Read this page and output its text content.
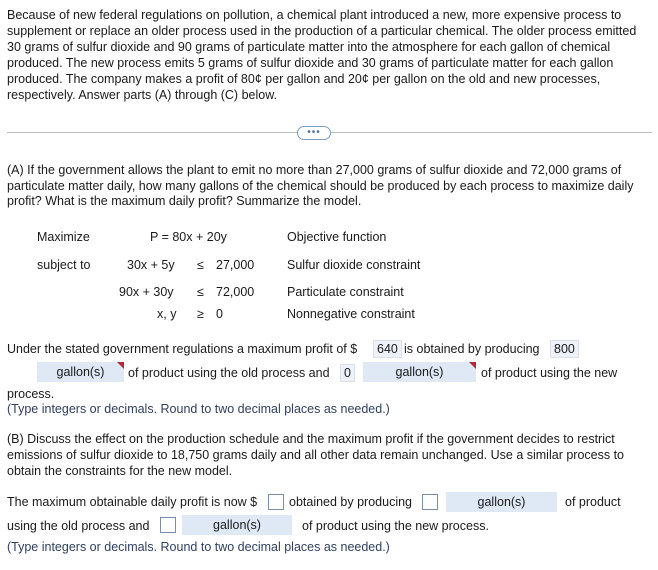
Because of new federal regulations on pollution, a chemical plant introduced a new, more expensive process to supplement or replace an older process used in the production of a particular chemical. The older process emitted 30 grams of sulfur dioxide and 90 grams of particulate matter into the atmosphere for each gallon of chemical produced. The new process emits 5 grams of sulfur dioxide and 30 grams of particulate matter for each gallon produced. The company makes a profit of 80¢ per gallon and 20¢ per gallon on the old and new processes, respectively. Answer parts (A) through (C) below.
•••
(A) If the government allows the plant to emit no more than 27,000 grams of sulfur dioxide and 72,000 grams of particulate matter daily, how many gallons of the chemical should be produced by each process to maximize daily profit? What is the maximum daily profit? Summarize the model.
Maximize	P = 80x + 20y	Objective function
subject to	30x + 5y ≤ 27,000	Sulfur dioxide constraint
90x + 30y ≤ 72,000	Particulate constraint
x, y ≥ 0	Nonnegative constraint
Under the stated government regulations a maximum profit of $	640 is obtained by producing	800
gallon(s) of product using the old process and	0	gallon(s)	of product using the new
process.
(Type integers or decimals. Round to two decimal places as needed.)
(B) Discuss the effect on the production schedule and the maximum profit if the government decides to restrict emissions of sulfur dioxide to 18,750 grams daily and all other data remain unchanged. Use a similar process to obtain the constraints for the new model.
The maximum obtainable daily profit is now $	obtained by producing	gallon(s)	of product
using the old process and	gallon(s)	of product using the new process.
(Type integers or decimals. Round to two decimal places as needed.)
